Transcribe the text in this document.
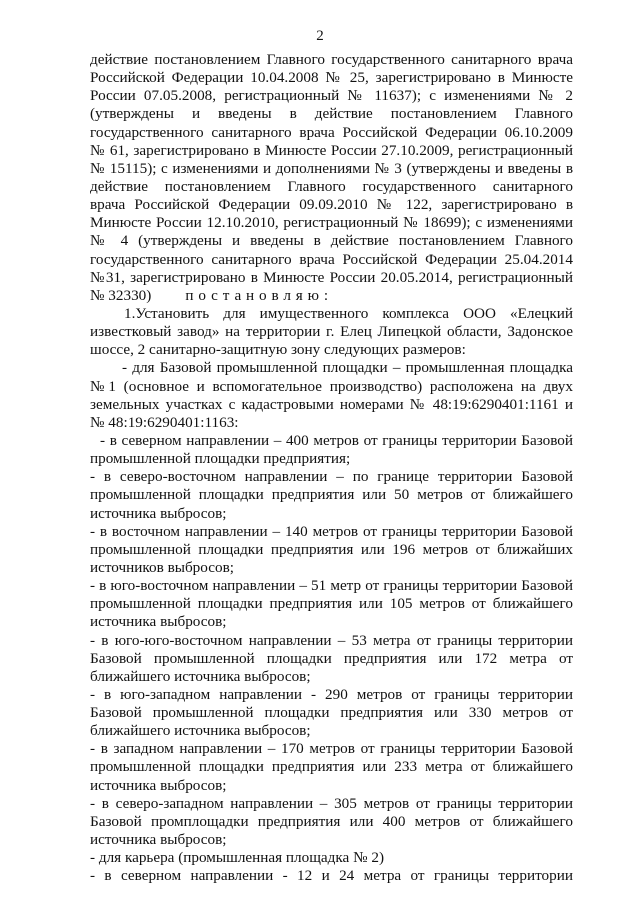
2

действие постановлением Главного государственного санитарного врача

Российской Федерации 10.04.2008 № 25, зарегистрировано в Минюсте

России 07.05.2008, регистрационный № 11637); с изменениями № 2

(утверждены и введены в действие постановлением Главного

государственного санитарного врача Российской Федерации 06.10.2009

№ 61, зарегистрировано в Минюсте России 27.10.2009, регистрационный

№ 15115); с изменениями и дополнениями № 3 (утверждены и введены в

действие постановлением Главного государственного санитарного

врача Российской Федерации 09.09.2010 № 122, зарегистрировано в

Минюсте России 12.10.2010, регистрационный № 18699); с изменениями

№ 4 (утверждены и введены в действие постановлением Главного

государственного санитарного врача Российской Федерации 25.04.2014

№31, зарегистрировано в Минюсте России 20.05.2014, регистрационный

№ 32330) постановляю:

1.Установить для имущественного комплекса ООО «Елецкий

известковый завод» на территории г. Елец Липецкой области, Задонское

шоссе, 2 санитарно-защитную зону следующих размеров:

- для Базовой промышленной площадки – промышленная площадка

№1 (основное и вспомогательное производство) расположена на двух

земельных участках с кадастровыми номерами № 48:19:6290401:1161 и

№ 48:19:6290401:1163:

- в северном направлении – 400 метров от границы территории Базовой

промышленной площадки предприятия;

- в северо-восточном направлении – по границе территории Базовой

промышленной площадки предприятия или 50 метров от ближайшего

источника выбросов;

- в восточном направлении – 140 метров от границы территории Базовой

промышленной площадки предприятия или 196 метров от ближайших

источников выбросов;

- в юго-восточном направлении – 51 метр от границы территории Базовой

промышленной площадки предприятия или 105 метров от ближайшего

источника выбросов;

- в юго-юго-восточном направлении – 53 метра от границы территории

Базовой промышленной площадки предприятия или 172 метра от

ближайшего источника выбросов;

- в юго-западном направлении - 290 метров от границы территории

Базовой промышленной площадки предприятия или 330 метров от

ближайшего источника выбросов;

- в западном направлении – 170 метров от границы территории Базовой

промышленной площадки предприятия или 233 метра от ближайшего

источника выбросов;

- в северо-западном направлении – 305 метров от границы территории

Базовой промплощадки предприятия или 400 метров от ближайшего

источника выбросов;

- для карьера (промышленная площадка № 2)

- в северном направлении - 12 и 24 метра от границы территории
